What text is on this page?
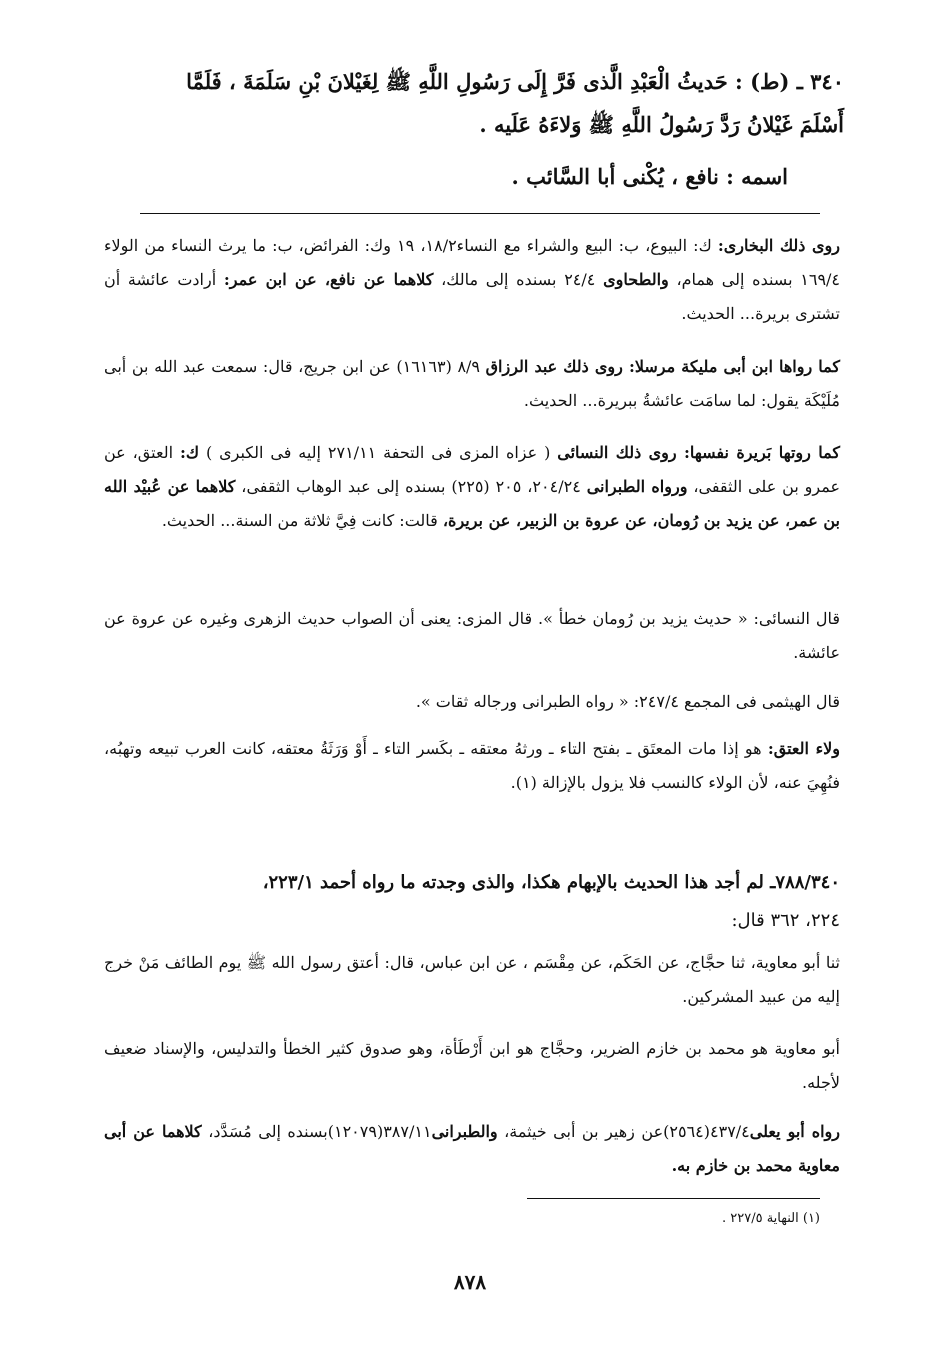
٣٤٠ ـ (ط) : حَديثُ الْعَبْدِ الَّذى فَرَّ إِلَى رَسُولِ اللَّهِ ﷺ لِغَيْلانَ بْنِ سَلَمَةَ ، فَلَمَّا
أَسْلَمَ غَيْلانُ رَدَّ رَسُولُ اللَّهِ ﷺ وَلاءَهُ عَلَيه .
اسمه : نافع ، يُكْنى أبا السَّائب .
روى ذلك البخارى: ك: البيوع، ب: البيع والشراء مع النساء١٨/٢، ١٩ وك: الفرائض، ب: ما يرث النساء من الولاء ١٦٩/٤ بسنده إلى همام، والطحاوى ٢٤/٤ بسنده إلى مالك، كلاهما عن نافع، عن ابن عمر: أرادت عائشة أن تشترى بريرة... الحديث.
كما رواها ابن أبى مليكة مرسلا: روى ذلك عبد الرزاق ٨/٩ (١٦١٦٣) عن ابن جريج، قال: سمعت عبد الله بن أبى مُلَيْكَة يقول: لما سامَت عائشةُ ببريرة... الحديث.
كما روتها بَريرة نفسها: روى ذلك النسائى ( عزاه المزى فى التحفة ٢٧١/١١ إليه فى الكبرى ) ك: العتق، عن عمرو بن على الثقفى، ورواه الطبرانى ٢٠٤/٢٤، ٢٠٥ (٢٢٥) بسنده إلى عبد الوهاب الثقفى، كلاهما عن عُبيْد الله بن عمر، عن يزيد بن رُومان، عن عروة بن الزبير، عن بريرة، قالت: كانت فِيَّ ثلاثة من السنة... الحديث.
قال النسائى: « حديث يزيد بن رُومان خطأ ». قال المزى: يعنى أن الصواب حديث الزهرى وغيره عن عروة عن عائشة.
قال الهيثمى فى المجمع ٢٤٧/٤: « رواه الطبرانى ورجاله ثقات ».
ولاء العتق: هو إذا مات المعتَق ـ بفتح التاء ـ ورثهُ معتقه ـ بكَسر التاء ـ أَوْ وَرَثَةُ معتقه، كانت العرب تبيعه وتهبُه، فنُهِيَ عنه، لأن الولاء كالنسب فلا يزول بالإزالة (١).
٧٨٨/٣٤٠ـ لم أجد هذا الحديث بالإبهام هكذا، والذى وجدته ما رواه أحمد ٢٢٣/١،
٢٢٤، ٣٦٢ قال:
ثنا أبو معاوية، ثنا حجَّاج، عن الحَكَم، عن مِقْسَم ، عن ابن عباس، قال: أعتق رسول الله ﷺ يوم الطائف مَنْ خرج إليه من عبيد المشركين.
أبو معاوية هو محمد بن خازم الضرير، وحجَّاج هو ابن أَرْطَأة، وهو صدوق كثير الخطأ والتدليس، والإسناد ضعيف لأجله.
رواه أبو يعلى٤٣٧/٤(٢٥٦٤)عن زهير بن أبى خيثمة، والطبرانى٣٨٧/١١(١٢٠٧٩)بسنده إلى مُسَدَّد، كلاهما عن أبى معاوية محمد بن خازم به.
(١) النهاية ٢٢٧/٥ .
٨٧٨
